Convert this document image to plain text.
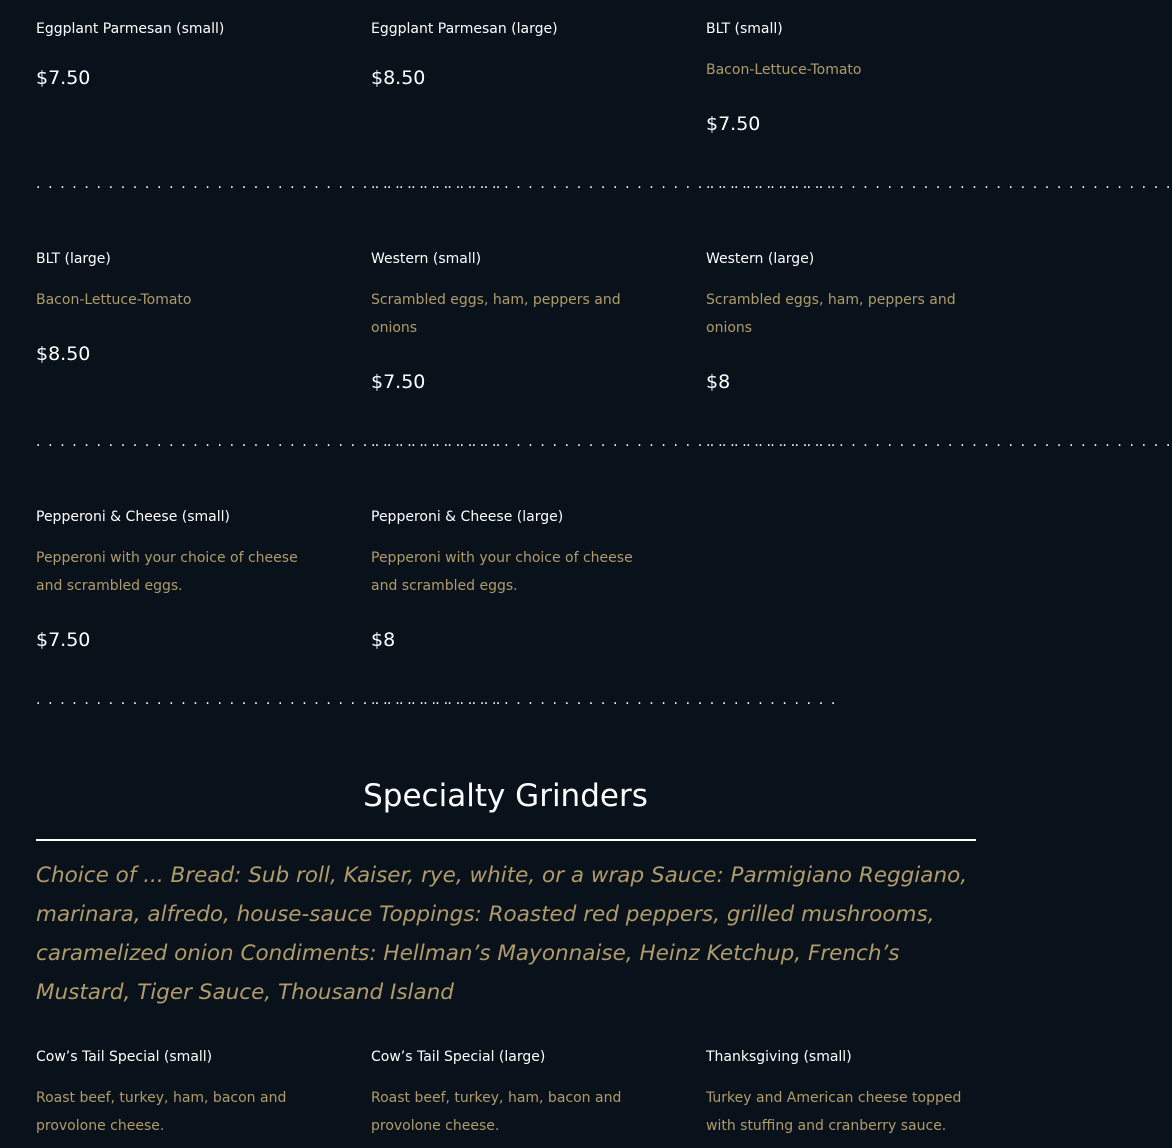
Eggplant Parmesan (small)
$7.50
. . . . . . . . . . . . . . . . . . . . . . . . . . . . . . . . . . . . . . .
Eggplant Parmesan (large)
$8.50
. . . . . . . . . . . . . . . . . . . . . . . . . . . . . . . . . . . . . . .
BLT (small)
Bacon-Lettuce-Tomato
$7.50
. . . . . . . . . . . . . . . . . . . . . . . . . . . . . . . . . . . . . . .
BLT (large)
Bacon-Lettuce-Tomato
$8.50
. . . . . . . . . . . . . . . . . . . . . . . . . . . . . . . . . . . . . . .
Western (small)
Scrambled eggs, ham, peppers and onions
$7.50
. . . . . . . . . . . . . . . . . . . . . . . . . . . . . . . . . . . . . . .
Western (large)
Scrambled eggs, ham, peppers and onions
$8
. . . . . . . . . . . . . . . . . . . . . . . . . . . . . . . . . . . . . . .
Pepperoni & Cheese (small)
Pepperoni with your choice of cheese and scrambled eggs.
$7.50
. . . . . . . . . . . . . . . . . . . . . . . . . . . . . . . . . . . . . . .
Pepperoni & Cheese (large)
Pepperoni with your choice of cheese and scrambled eggs.
$8
. . . . . . . . . . . . . . . . . . . . . . . . . . . . . . . . . . . . . . .
Specialty Grinders
Choice of ... Bread: Sub roll, Kaiser, rye, white, or a wrap Sauce: Parmigiano Reggiano, marinara, alfredo, house-sauce Toppings: Roasted red peppers, grilled mushrooms, caramelized onion Condiments: Hellman’s Mayonnaise, Heinz Ketchup, French’s Mustard, Tiger Sauce, Thousand Island
Cow’s Tail Special (small)
Roast beef, turkey, ham, bacon and provolone cheese.
Cow’s Tail Special (large)
Roast beef, turkey, ham, bacon and provolone cheese.
Thanksgiving (small)
Turkey and American cheese topped with stuffing and cranberry sauce.
